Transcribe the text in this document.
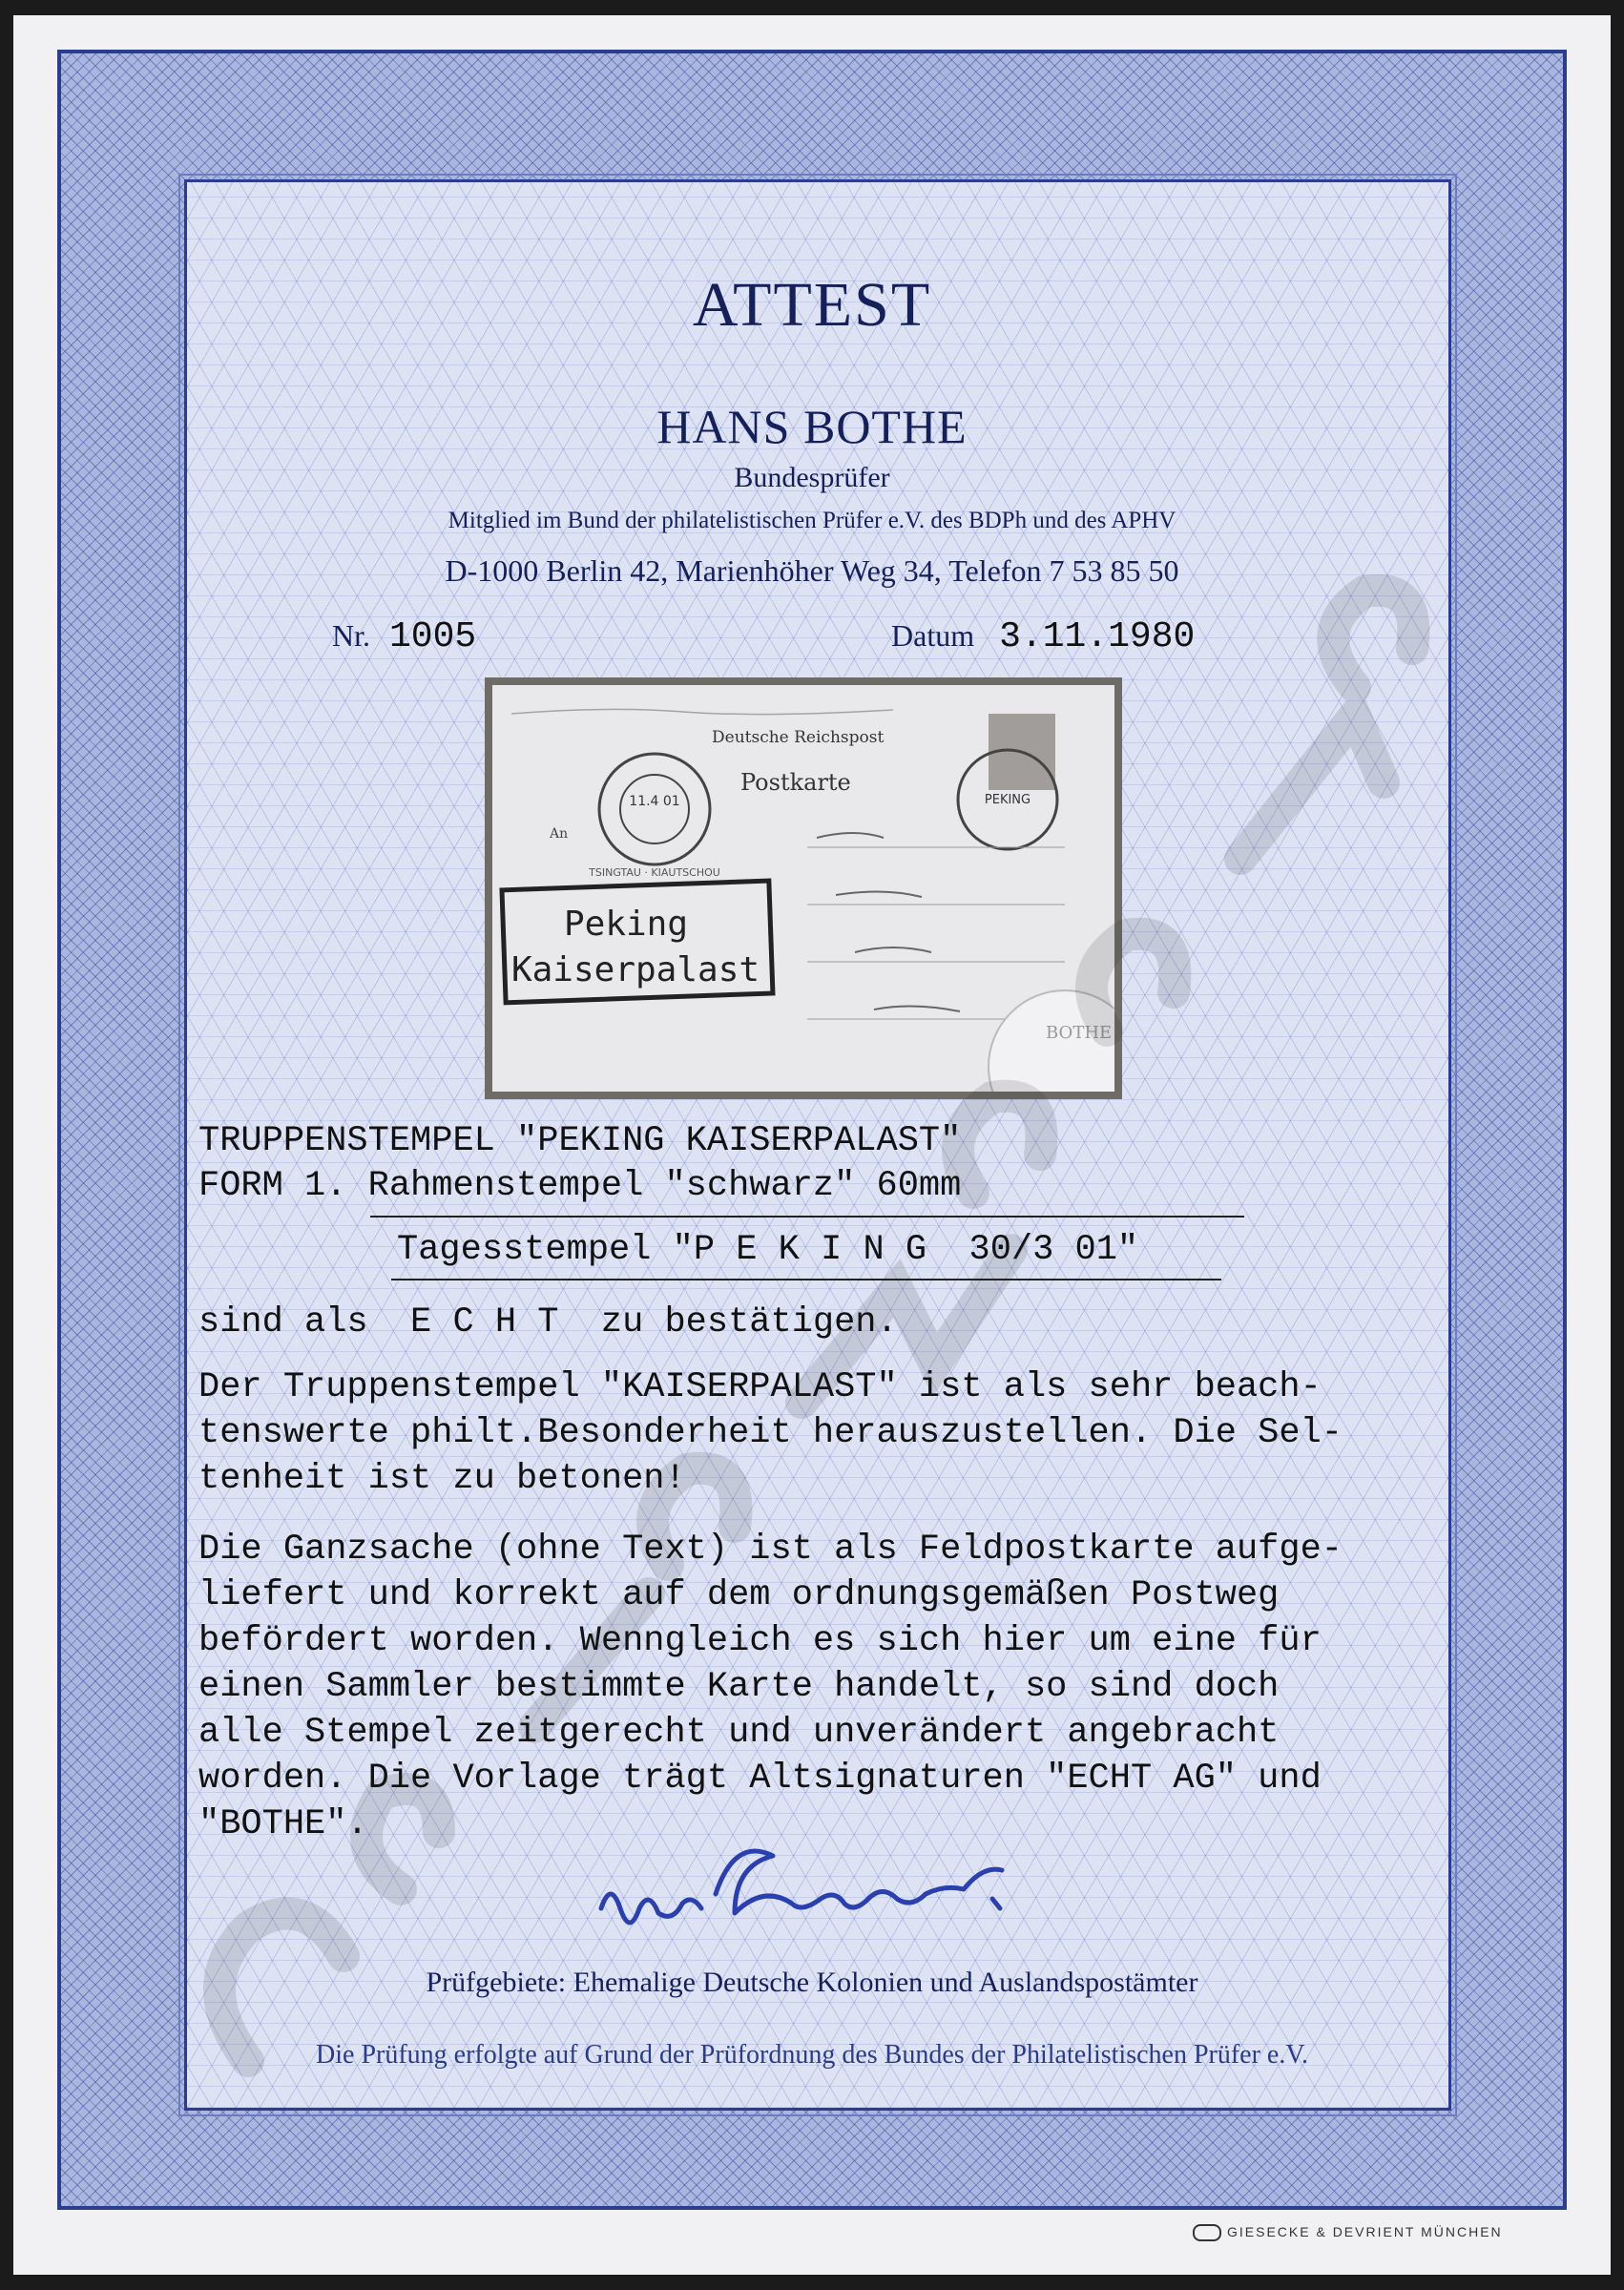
ATTEST
HANS BOTHE
Bundesprüfer
Mitglied im Bund der philatelistischen Prüfer e.V. des BDPh und des APHV
D-1000 Berlin 42, Marienhöher Weg 34, Telefon 7 53 85 50
Nr. 1005	Datum 3.11.1980
Deutsche Reichspost
Postkarte
An
11.4 01
TSINGTAU · KIAUTSCHOU
PEKING
Peking
Kaiserpalast
BOTHE
TRUPPENSTEMPEL "PEKING KAISERPALAST"
FORM 1. Rahmenstempel "schwarz" 60mm
Tagesstempel "P E K I N G  30/3 01"
sind als  E C H T  zu bestätigen.

Der Truppenstempel "KAISERPALAST" ist als sehr beach-
tenswerte philt.Besonderheit herauszustellen. Die Sel-
tenheit ist zu betonen!

Die Ganzsache (ohne Text) ist als Feldpostkarte aufge-
liefert und korrekt auf dem ordnungsgemäßen Postweg
befördert worden. Wenngleich es sich hier um eine für
einen Sammler bestimmte Karte handelt, so sind doch
alle Stempel zeitgerecht und unverändert angebracht
worden. Die Vorlage trägt Altsignaturen "ECHT AG" und
"BOTHE".

Prüfgebiete: Ehemalige Deutsche Kolonien und Auslandspostämter
Die Prüfung erfolgte auf Grund der Prüfordnung des Bundes der Philatelistischen Prüfer e.V.
GIESECKE & DEVRIENT MÜNCHEN
